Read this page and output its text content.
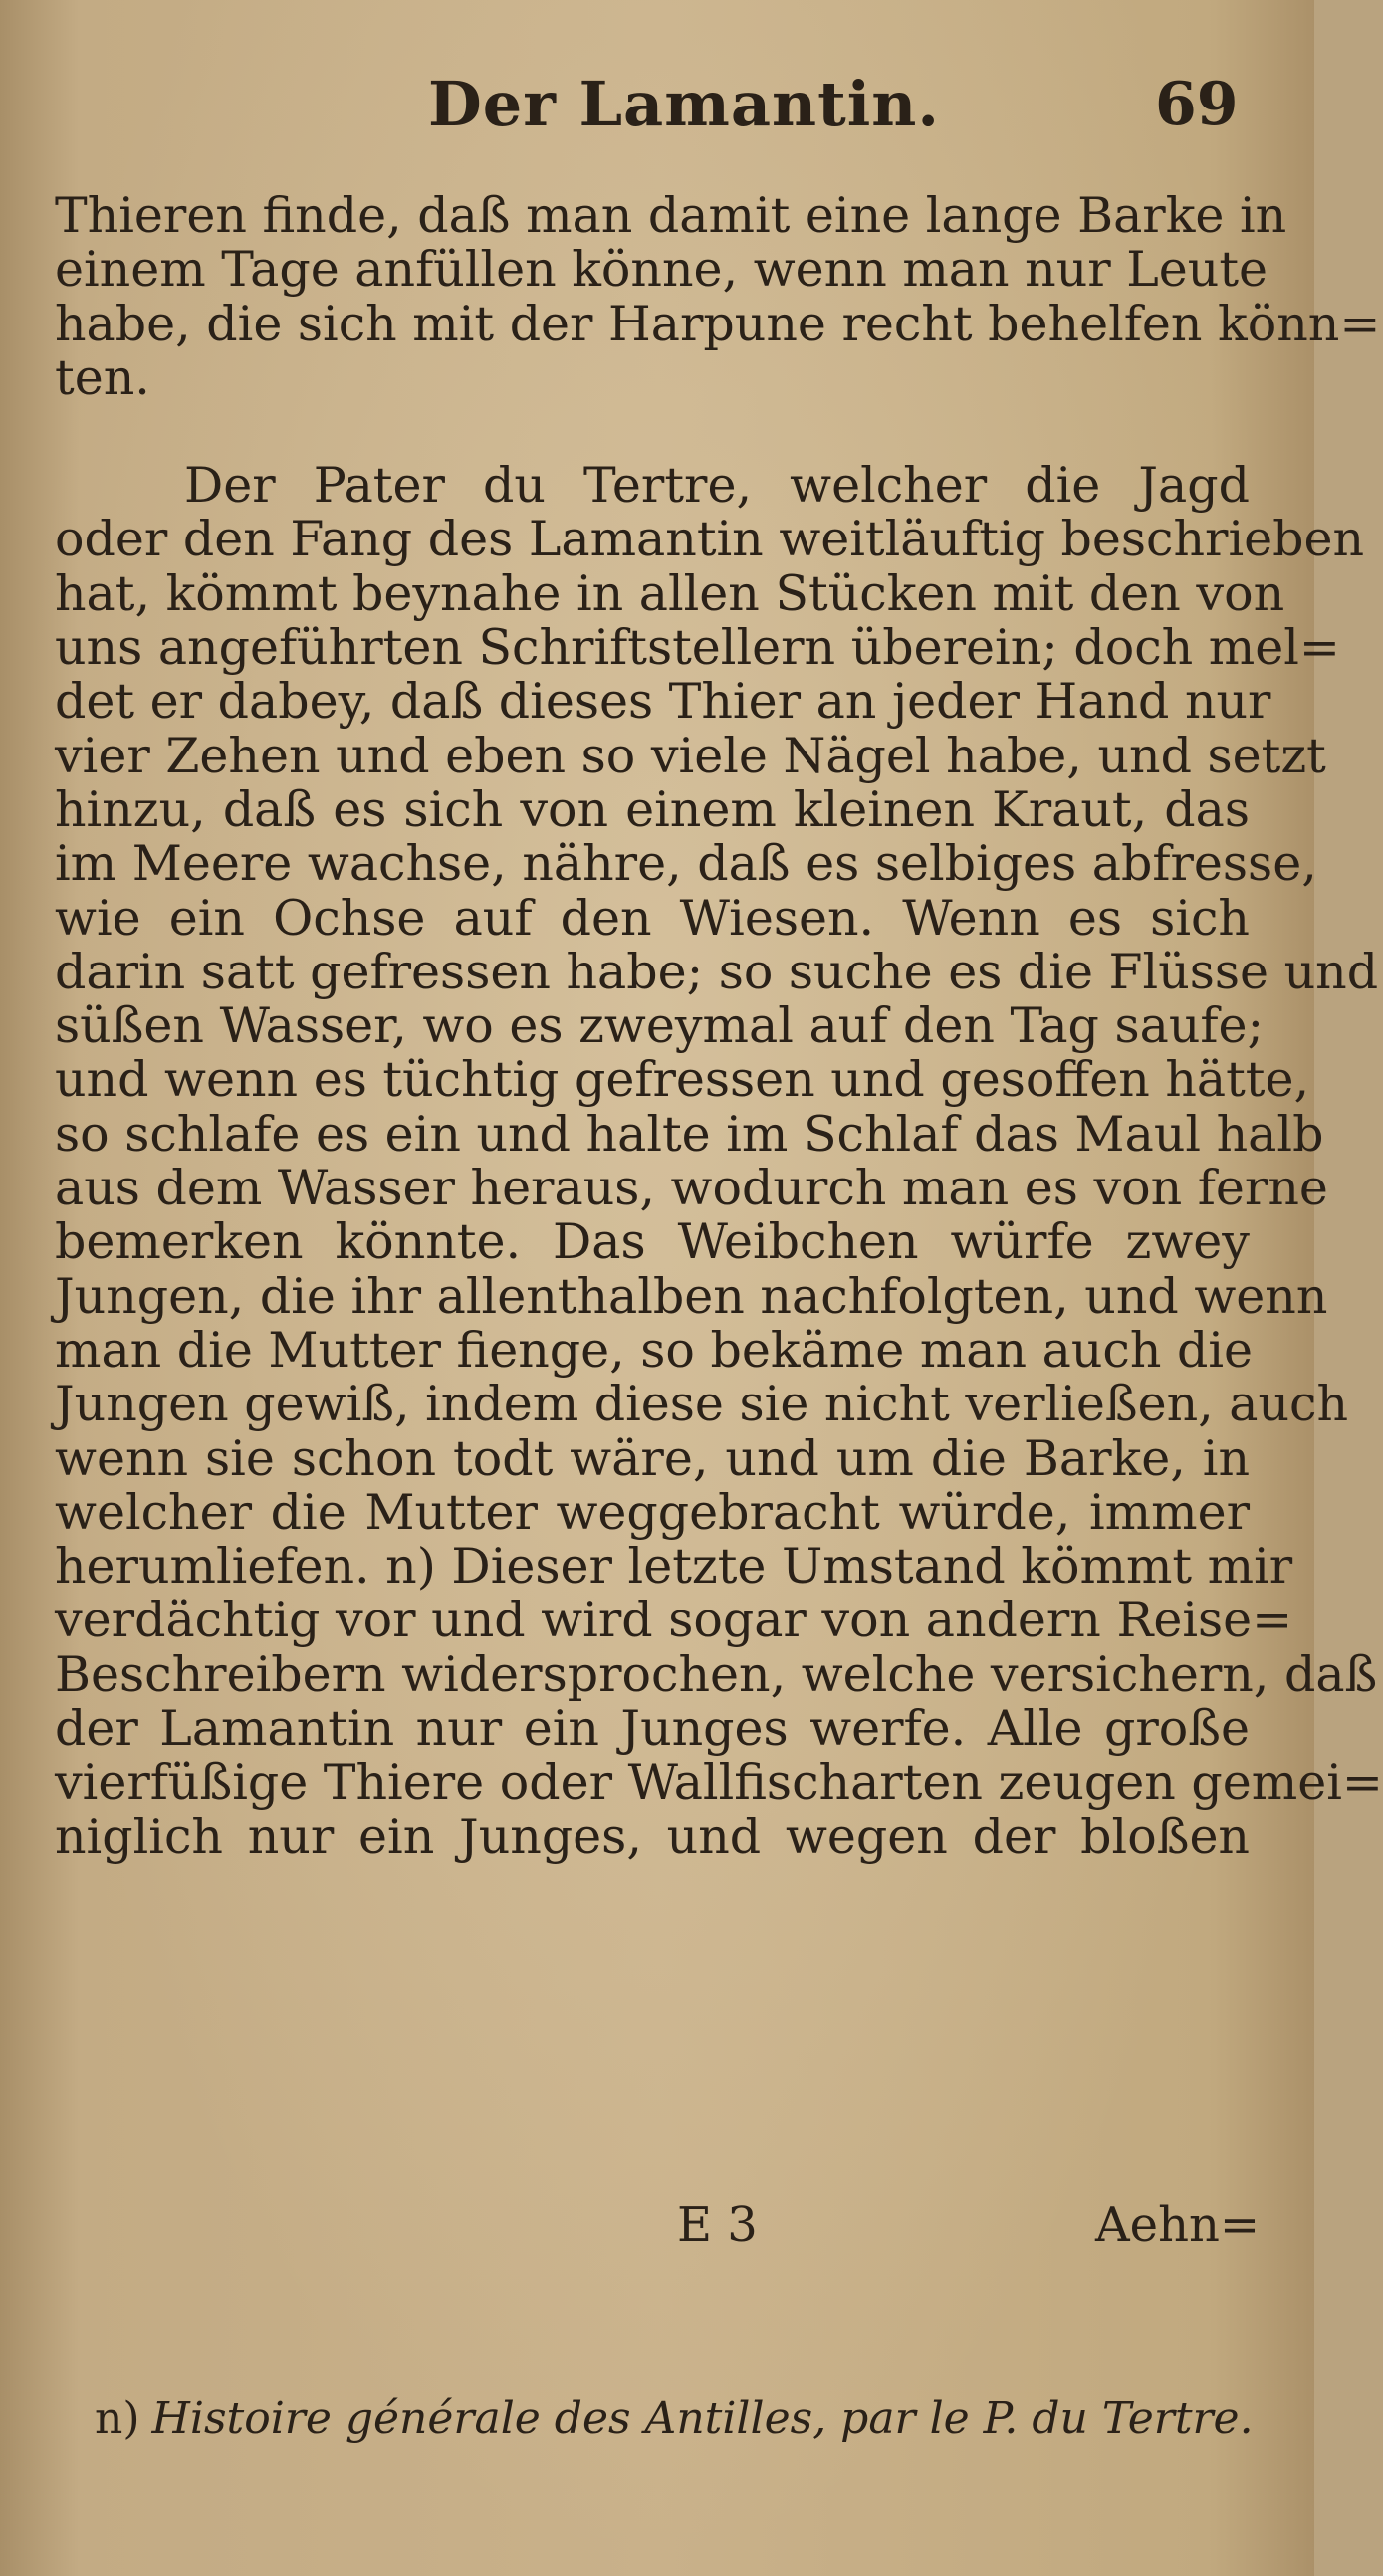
Der Lamantin.	69
Thieren finde, daß man damit eine lange Barke in
einem Tage anfüllen könne, wenn man nur Leute
habe, die sich mit der Harpune recht behelfen könn=
ten.
Der Pater du Tertre, welcher die Jagd
oder den Fang des Lamantin weitläuftig beschrieben
hat, kömmt beynahe in allen Stücken mit den von
uns angeführten Schriftstellern überein; doch mel=
det er dabey, daß dieses Thier an jeder Hand nur
vier Zehen und eben so viele Nägel habe, und setzt
hinzu, daß es sich von einem kleinen Kraut, das
im Meere wachse, nähre, daß es selbiges abfresse,
wie ein Ochse auf den Wiesen. Wenn es sich
darin satt gefressen habe; so suche es die Flüsse und
süßen Wasser, wo es zweymal auf den Tag saufe;
und wenn es tüchtig gefressen und gesoffen hätte,
so schlafe es ein und halte im Schlaf das Maul halb
aus dem Wasser heraus, wodurch man es von ferne
bemerken könnte. Das Weibchen würfe zwey
Jungen, die ihr allenthalben nachfolgten, und wenn
man die Mutter fienge, so bekäme man auch die
Jungen gewiß, indem diese sie nicht verließen, auch
wenn sie schon todt wäre, und um die Barke, in
welcher die Mutter weggebracht würde, immer
herumliefen. n) Dieser letzte Umstand kömmt mir
verdächtig vor und wird sogar von andern Reise=
Beschreibern widersprochen, welche versichern, daß
der Lamantin nur ein Junges werfe. Alle große
vierfüßige Thiere oder Wallfischarten zeugen gemei=
niglich nur ein Junges, und wegen der bloßen
E 3	Aehn=
n) Histoire générale des Antilles, par le P. du Tertre.
